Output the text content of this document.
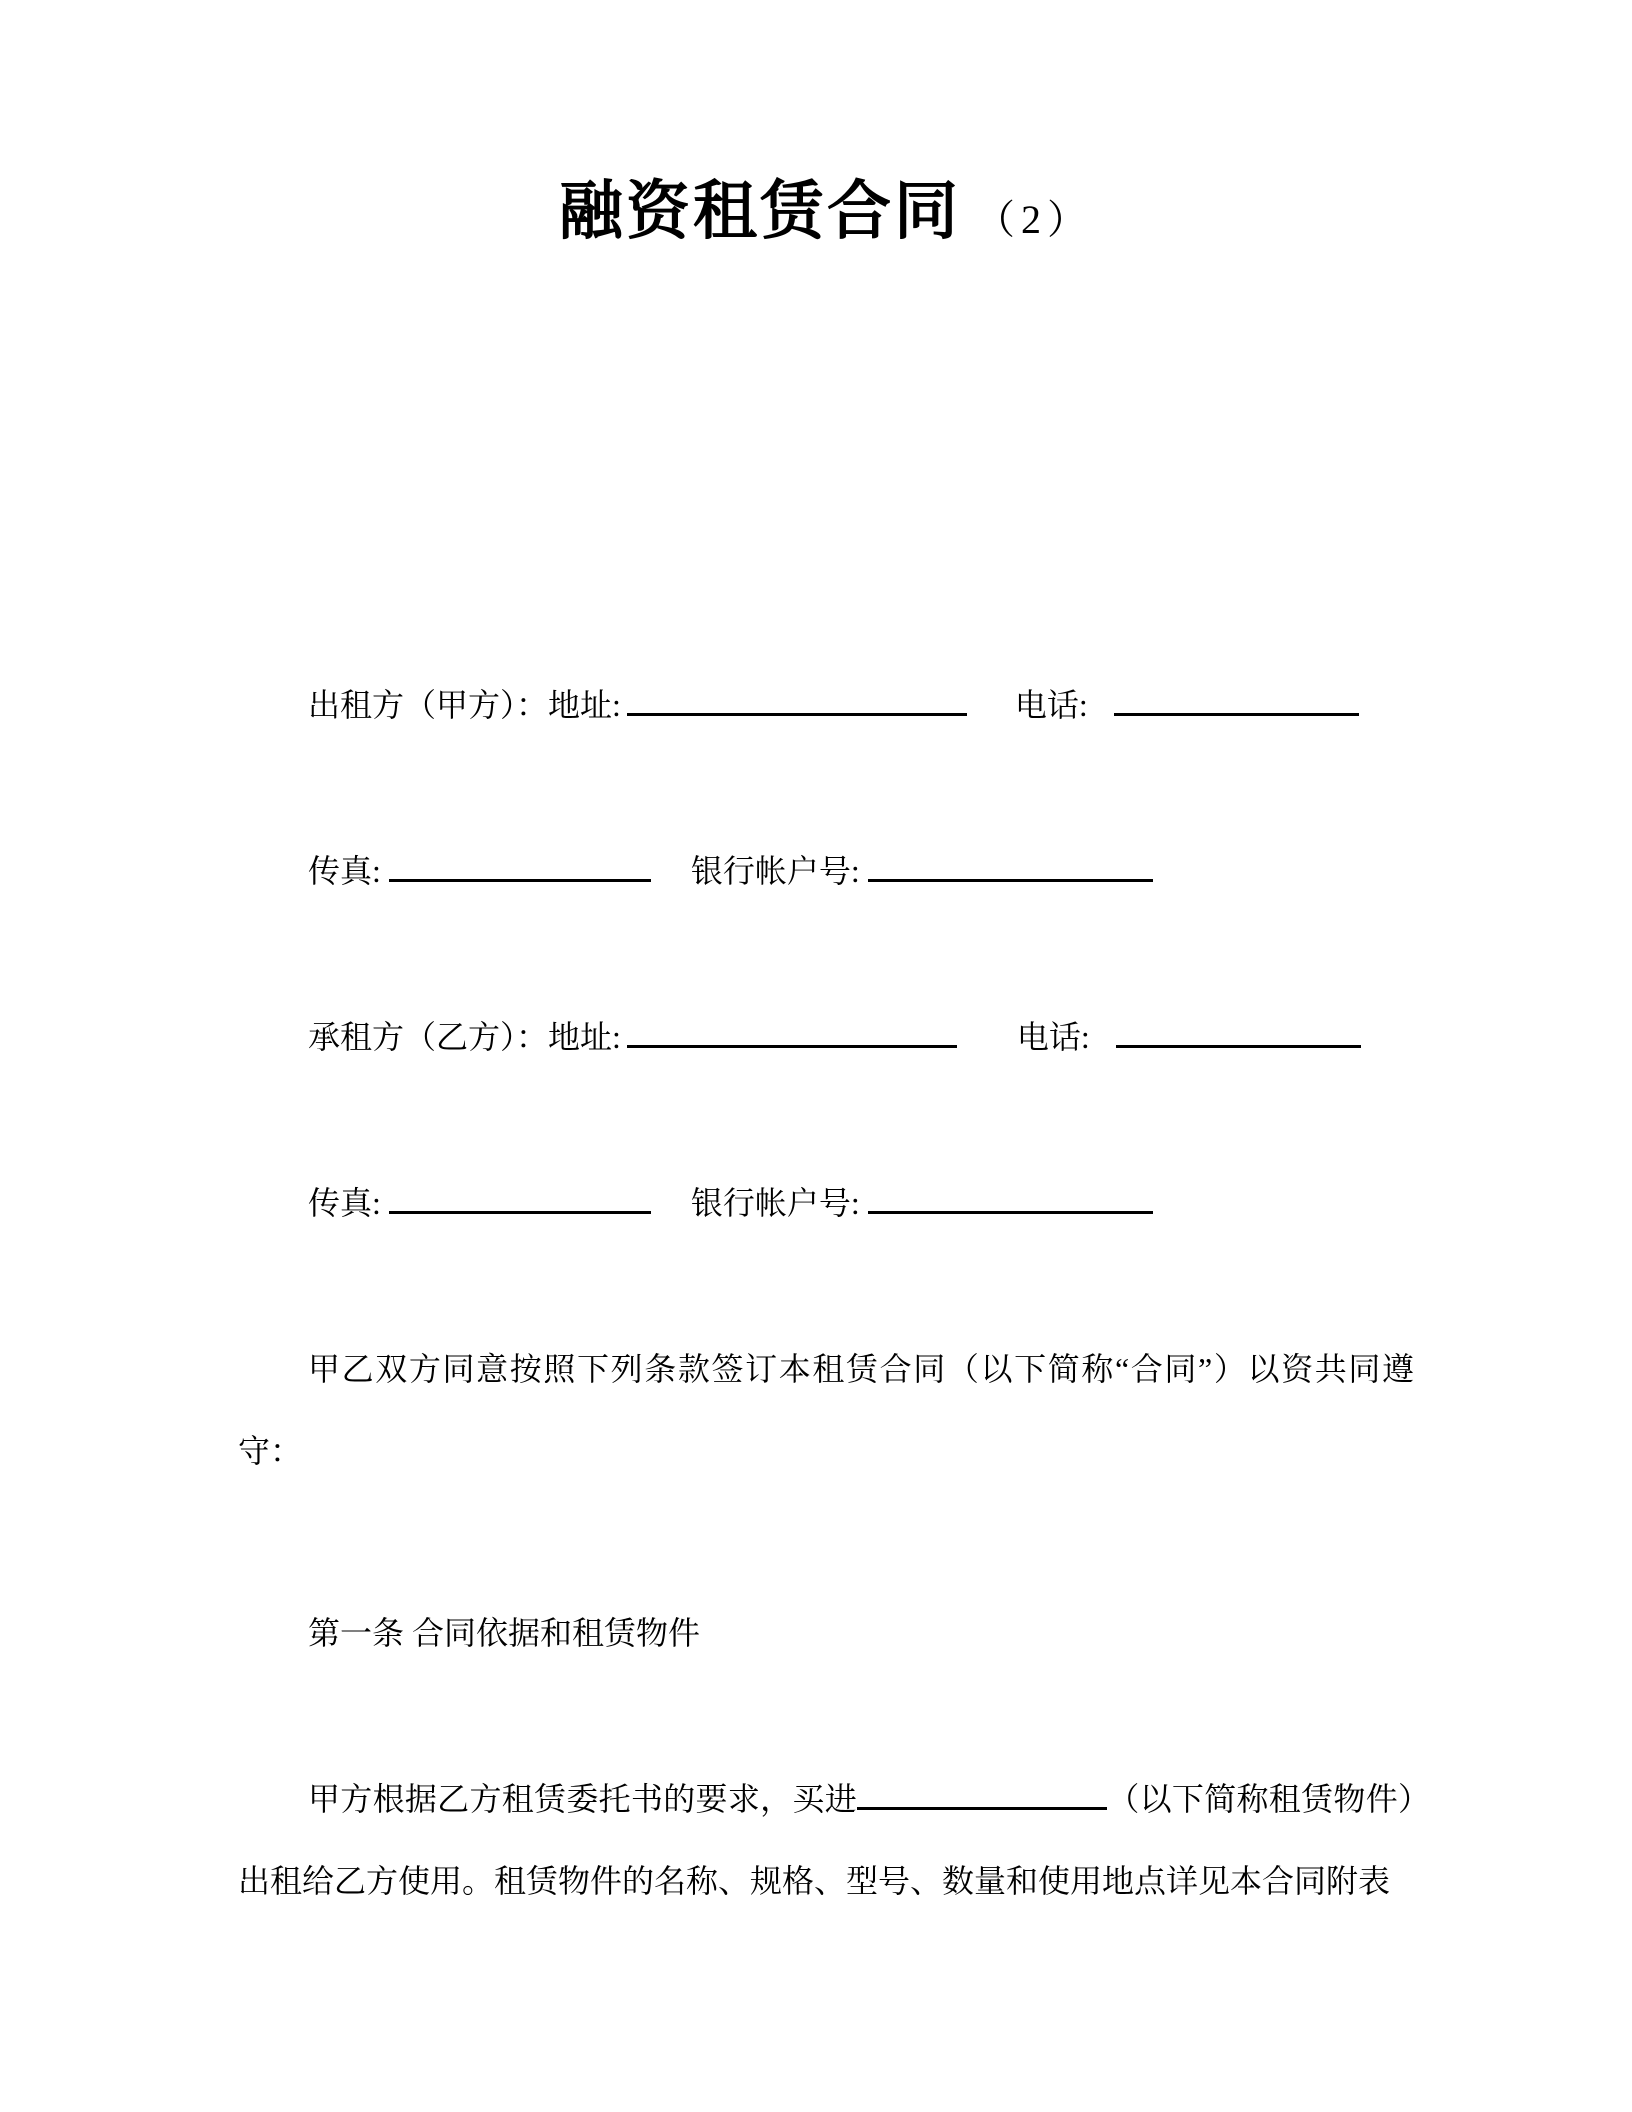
融资租赁合同 （2）

出租方（甲方）：地址:	电话:

传真:	银行帐户号:

承租方（乙方）：地址:	电话:

传真:	银行帐户号:

甲乙双方同意按照下列条款签订本租赁合同（以下简称“合同”）以资共同遵守：

第一条 合同依据和租赁物件

甲方根据乙方租赁委托书的要求，买进	（以下简称租赁物件）出租给乙方使用。租赁物件的名称、规格、型号、数量和使用地点详见本合同附表
